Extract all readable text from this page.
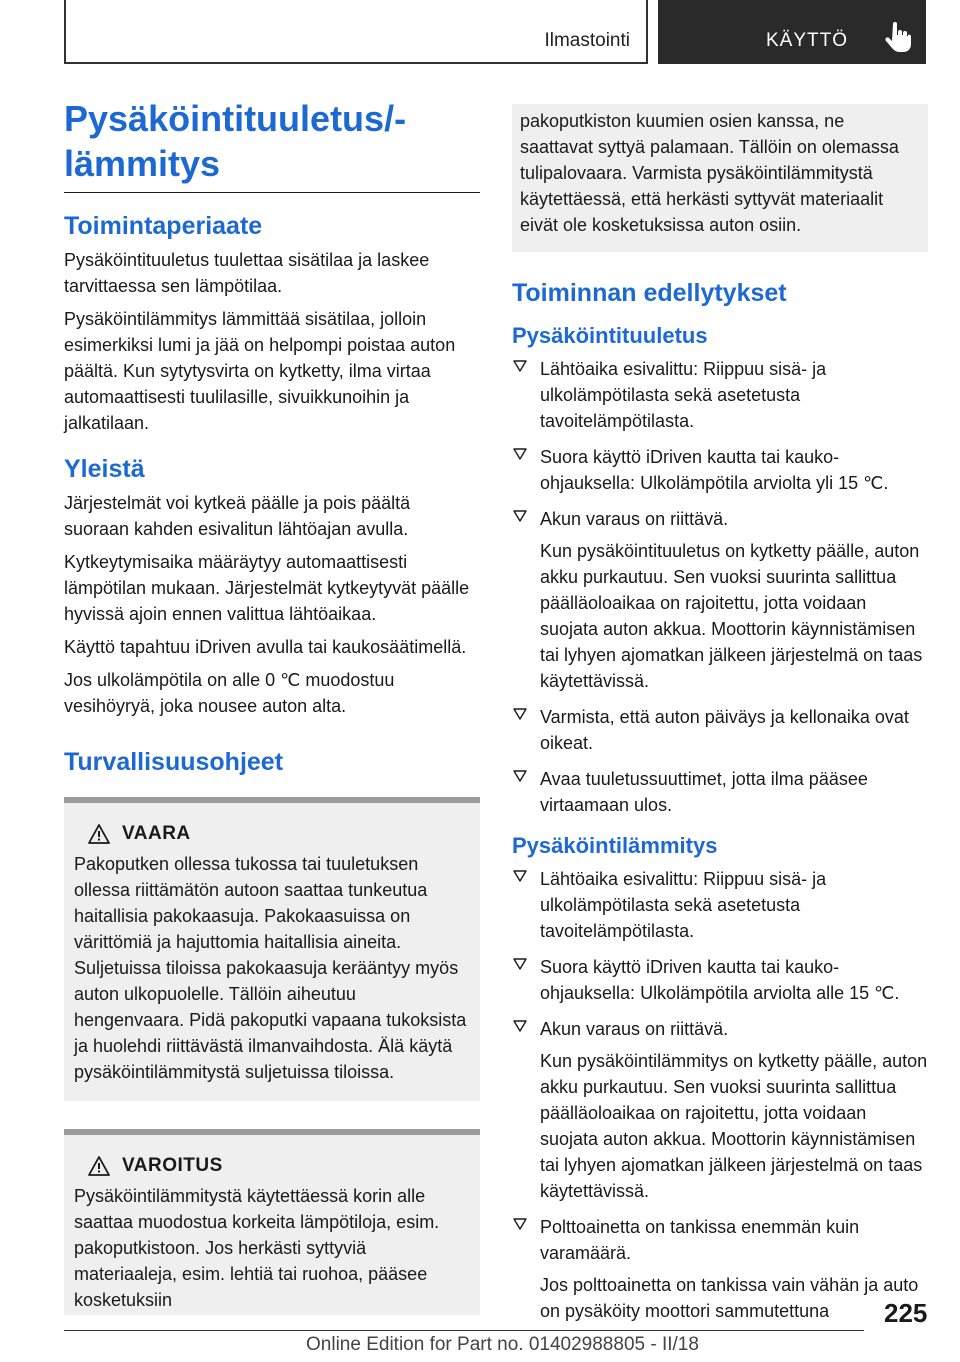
Ilmastointi	KÄYTTÖ
Pysäköintituuletus/-
lämmitys
Toimintaperiaate

Pysäköintituuletus tuulettaa sisätilaa ja laskee tarvittaessa sen lämpötilaa.

Pysäköintilämmitys lämmittää sisätilaa, jolloin esimerkiksi lumi ja jää on helpompi poistaa auton päältä. Kun sytytysvirta on kytketty, ilma virtaa automaattisesti tuulilasille, sivuikkunoihin ja jalkatilaan.

Yleistä

Järjestelmät voi kytkeä päälle ja pois päältä suoraan kahden esivalitun lähtöajan avulla.

Kytkeytymisaika määräytyy automaattisesti lämpötilan mukaan. Järjestelmät kytkeytyvät päälle hyvissä ajoin ennen valittua lähtöaikaa.

Käyttö tapahtuu iDriven avulla tai kaukosäätimellä.

Jos ulkolämpötila on alle 0 ℃ muodostuu vesihöyryä, joka nousee auton alta.

Turvallisuusohjeet
VAARA

Pakoputken ollessa tukossa tai tuuletuksen ollessa riittämätön autoon saattaa tunkeutua haitallisia pakokaasuja. Pakokaasuissa on värittömiä ja hajuttomia haitallisia aineita. Suljetuissa tiloissa pakokaasuja kerääntyy myös auton ulkopuolelle. Tällöin aiheutuu hengenvaara. Pidä pakoputki vapaana tukoksista ja huolehdi riittävästä ilmanvaihdosta. Älä käytä pysäköintilämmitystä suljetuissa tiloissa.

VAROITUS

Pysäköintilämmitystä käytettäessä korin alle saattaa muodostua korkeita lämpötiloja, esim. pakoputkistoon. Jos herkästi syttyviä materiaaleja, esim. lehtiä tai ruohoa, pääsee kosketuksiin

pakoputkiston kuumien osien kanssa, ne saattavat syttyä palamaan. Tällöin on olemassa tulipalovaara. Varmista pysäköintilämmitystä käytettäessä, että herkästi syttyvät materiaalit eivät ole kosketuksissa auton osiin.

Toiminnan edellytykset
Pysäköintituuletus

Lähtöaika esivalittu: Riippuu sisä- ja ulkolämpötilasta sekä asetetusta tavoitelämpötilasta.

Suora käyttö iDriven kautta tai kauko-ohjauksella: Ulkolämpötila arviolta yli 15 ℃.

Akun varaus on riittävä.

Kun pysäköintituuletus on kytketty päälle, auton akku purkautuu. Sen vuoksi suurinta sallittua päälläoloaikaa on rajoitettu, jotta voidaan suojata auton akkua. Moottorin käynnistämisen tai lyhyen ajomatkan jälkeen järjestelmä on taas käytettävissä.

Varmista, että auton päiväys ja kellonaika ovat oikeat.

Avaa tuuletussuuttimet, jotta ilma pääsee virtaamaan ulos.

Pysäköintilämmitys

Lähtöaika esivalittu: Riippuu sisä- ja ulkolämpötilasta sekä asetetusta tavoitelämpötilasta.

Suora käyttö iDriven kautta tai kauko-ohjauksella: Ulkolämpötila arviolta alle 15 ℃.

Akun varaus on riittävä.

Kun pysäköintilämmitys on kytketty päälle, auton akku purkautuu. Sen vuoksi suurinta sallittua päälläoloaikaa on rajoitettu, jotta voidaan suojata auton akkua. Moottorin käynnistämisen tai lyhyen ajomatkan jälkeen järjestelmä on taas käytettävissä.

Polttoainetta on tankissa enemmän kuin varamäärä.

Jos polttoainetta on tankissa vain vähän ja auto on pysäköity moottori sammutettuna	225
Online Edition for Part no. 01402988805 - II/18
